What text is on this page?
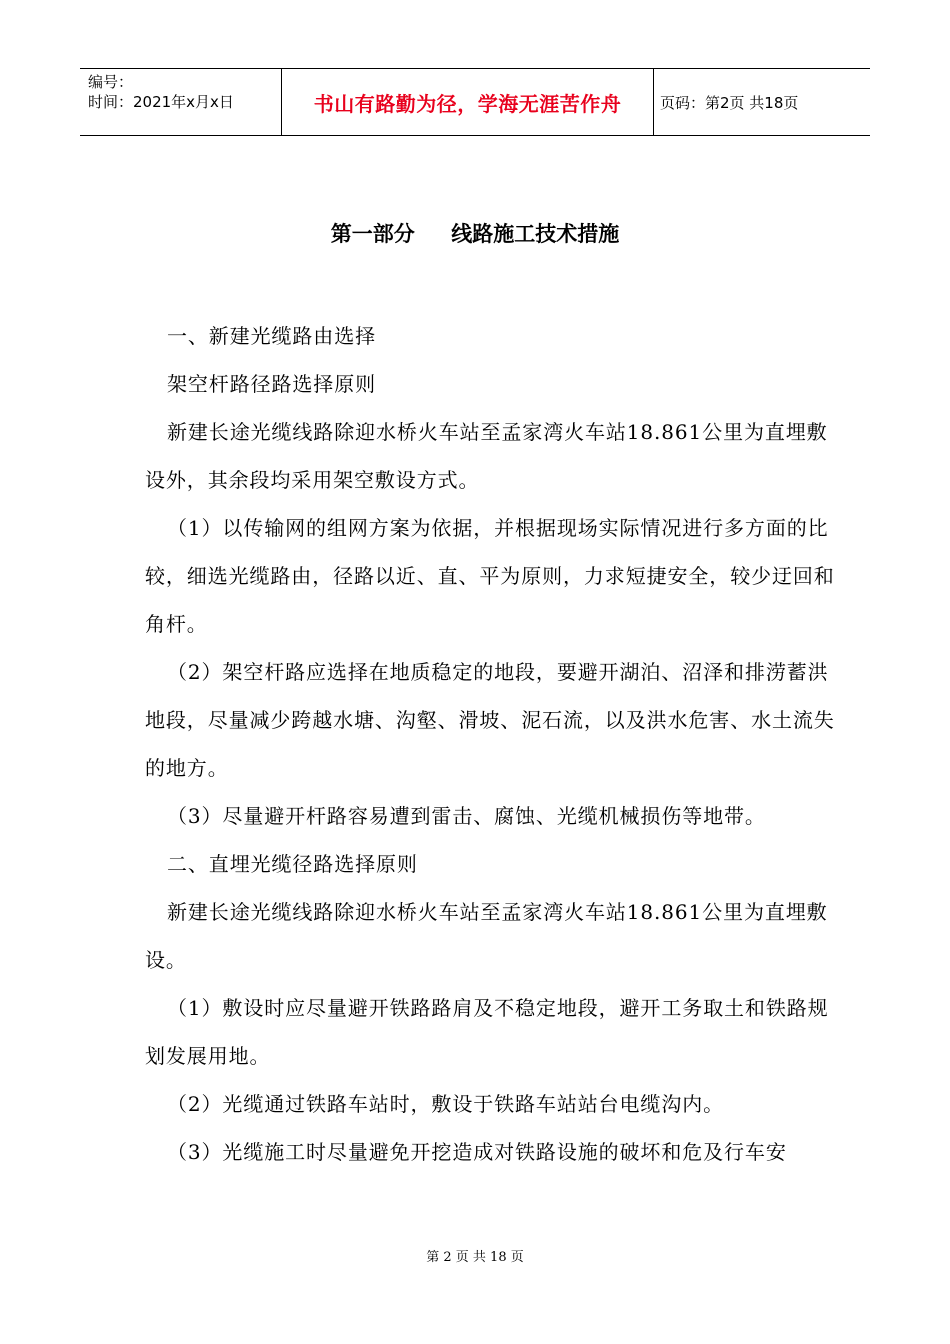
编号：
时间：2021年x月x日	书山有路勤为径，学海无涯苦作舟	页码：第2页 共18页
第一部分     线路施工技术措施

一、新建光缆路由选择

架空杆路径路选择原则

新建长途光缆线路除迎水桥火车站至孟家湾火车站18.861公里为直埋敷设外，其余段均采用架空敷设方式。

（1）以传输网的组网方案为依据，并根据现场实际情况进行多方面的比较，细选光缆路由，径路以近、直、平为原则，力求短捷安全，较少迂回和角杆。

（2）架空杆路应选择在地质稳定的地段，要避开湖泊、沼泽和排涝蓄洪地段，尽量减少跨越水塘、沟壑、滑坡、泥石流，以及洪水危害、水土流失的地方。

（3）尽量避开杆路容易遭到雷击、腐蚀、光缆机械损伤等地带。

二、直埋光缆径路选择原则

新建长途光缆线路除迎水桥火车站至孟家湾火车站18.861公里为直埋敷设。

（1）敷设时应尽量避开铁路路肩及不稳定地段，避开工务取土和铁路规划发展用地。

（2）光缆通过铁路车站时，敷设于铁路车站站台电缆沟内。

（3）光缆施工时尽量避免开挖造成对铁路设施的破坏和危及行车安

第 2 页 共 18 页
